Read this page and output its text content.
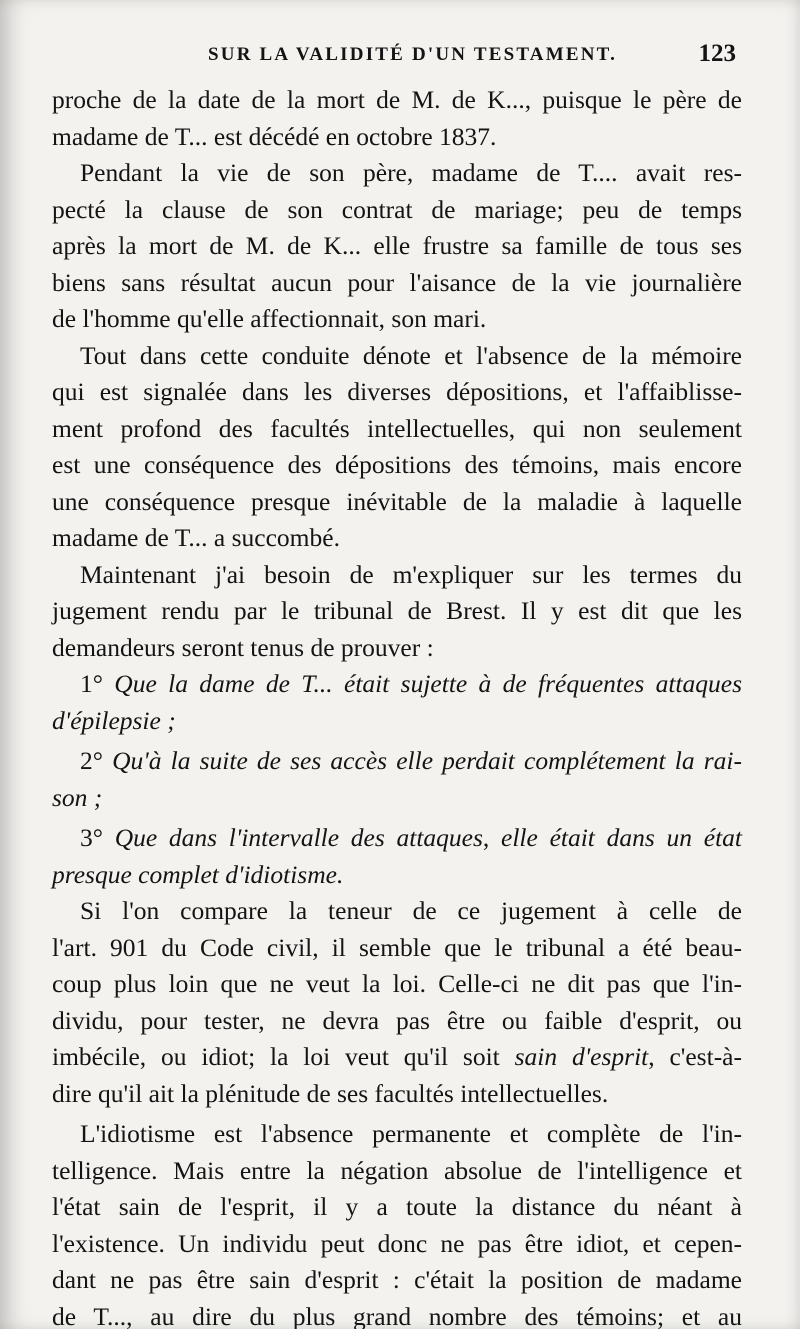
SUR LA VALIDITÉ D'UN TESTAMENT.	123
proche de la date de la mort de M. de K..., puisque le père de
madame de T... est décédé en octobre 1837.
Pendant la vie de son père, madame de T.... avait res-
pecté la clause de son contrat de mariage; peu de temps
après la mort de M. de K... elle frustre sa famille de tous ses
biens sans résultat aucun pour l'aisance de la vie journalière
de l'homme qu'elle affectionnait, son mari.
Tout dans cette conduite dénote et l'absence de la mémoire
qui est signalée dans les diverses dépositions, et l'affaiblisse-
ment profond des facultés intellectuelles, qui non seulement
est une conséquence des dépositions des témoins, mais encore
une conséquence presque inévitable de la maladie à laquelle
madame de T... a succombé.
Maintenant j'ai besoin de m'expliquer sur les termes du
jugement rendu par le tribunal de Brest. Il y est dit que les
demandeurs seront tenus de prouver :
1° Que la dame de T... était sujette à de fréquentes attaques
d'épilepsie ;
2° Qu'à la suite de ses accès elle perdait complétement la rai-
son ;
3° Que dans l'intervalle des attaques, elle était dans un état
presque complet d'idiotisme.
Si l'on compare la teneur de ce jugement à celle de
l'art. 901 du Code civil, il semble que le tribunal a été beau-
coup plus loin que ne veut la loi. Celle-ci ne dit pas que l'in-
dividu, pour tester, ne devra pas être ou faible d'esprit, ou
imbécile, ou idiot; la loi veut qu'il soit sain d'esprit, c'est-à-
dire qu'il ait la plénitude de ses facultés intellectuelles.
L'idiotisme est l'absence permanente et complète de l'in-
telligence. Mais entre la négation absolue de l'intelligence et
l'état sain de l'esprit, il y a toute la distance du néant à
l'existence. Un individu peut donc ne pas être idiot, et cepen-
dant ne pas être sain d'esprit : c'était la position de madame
de T..., au dire du plus grand nombre des témoins; et au
